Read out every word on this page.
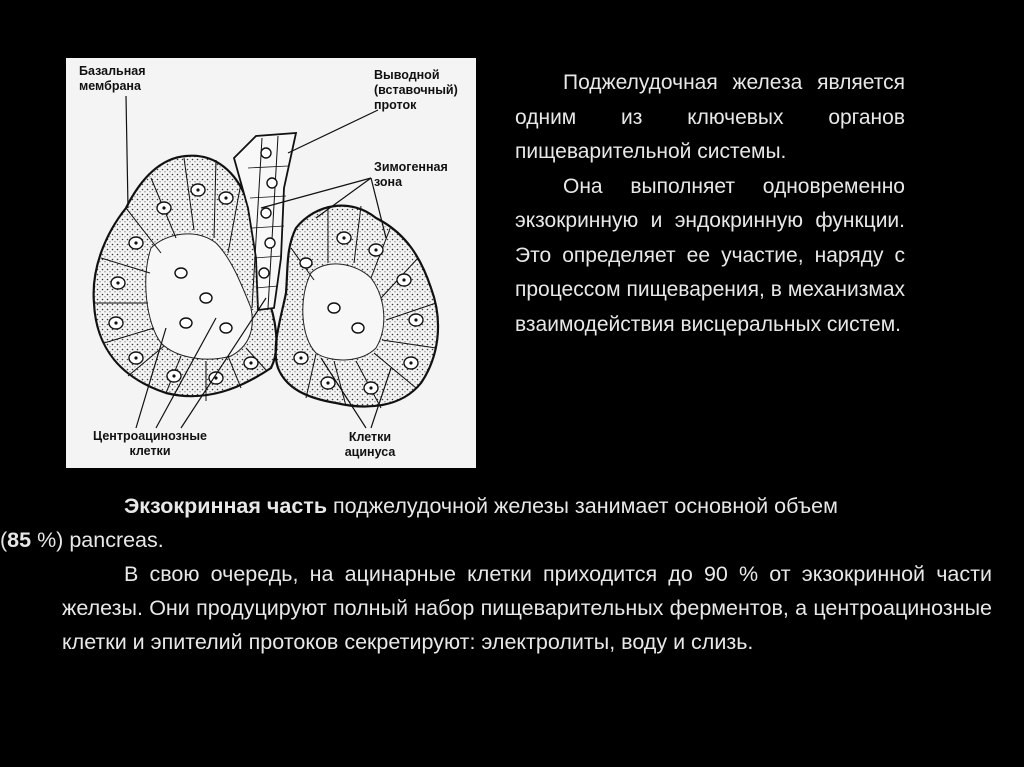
Базальная
мембрана
Выводной
(вставочный)
проток
Зимогенная
зона
Центроацинозные
клетки
Клетки
ацинуса

Поджелудочная железа является одним из ключевых органов пищеварительной системы.

Она выполняет одновременно экзокринную и эндокринную функции. Это определяет ее участие, наряду с процессом пищеварения, в механизмах взаимодействия висцеральных систем.

Экзокринная часть поджелудочной железы занимает основной объем
(85 %) pancreas.

В свою очередь, на ацинарные клетки приходится до 90 % от экзокринной части железы. Они продуцируют полный набор пищеварительных ферментов, а центроацинозные клетки и эпителий протоков секретируют: электролиты, воду и слизь.
